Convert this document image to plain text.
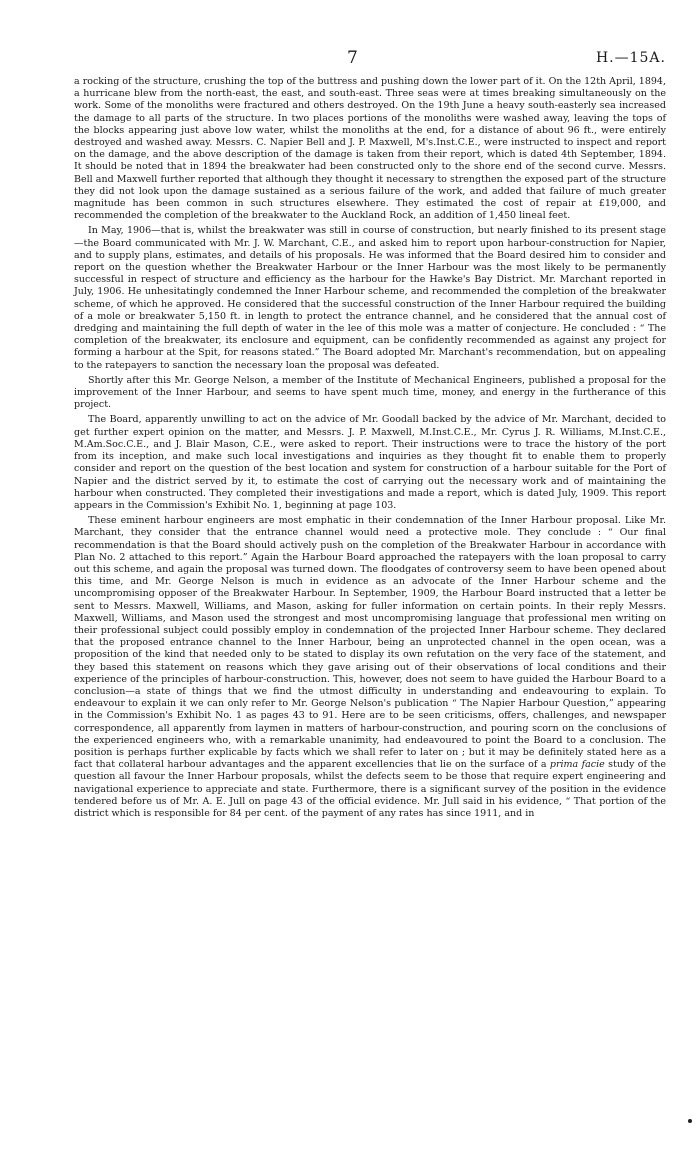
7	H.—15A.

a rocking of the structure, crushing the top of the buttress and pushing down the lower part of it. On the 12th April, 1894, a hurricane blew from the north-east, the east, and south-east. Three seas were at times breaking simultaneously on the work. Some of the monoliths were fractured and others destroyed. On the 19th June a heavy south-easterly sea increased the damage to all parts of the structure. In two places portions of the monoliths were washed away, leaving the tops of the blocks appearing just above low water, whilst the monoliths at the end, for a distance of about 96 ft., were entirely destroyed and washed away. Messrs. C. Napier Bell and J. P. Maxwell, M's.Inst.C.E., were instructed to inspect and report on the damage, and the above description of the damage is taken from their report, which is dated 4th September, 1894. It should be noted that in 1894 the breakwater had been constructed only to the shore end of the second curve. Messrs. Bell and Maxwell further reported that although they thought it necessary to strengthen the exposed part of the structure they did not look upon the damage sustained as a serious failure of the work, and added that failure of much greater magnitude has been common in such structures elsewhere. They estimated the cost of repair at £19,000, and recommended the completion of the breakwater to the Auckland Rock, an addition of 1,450 lineal feet.

In May, 1906—that is, whilst the breakwater was still in course of construction, but nearly finished to its present stage—the Board communicated with Mr. J. W. Marchant, C.E., and asked him to report upon harbour-construction for Napier, and to supply plans, estimates, and details of his proposals. He was informed that the Board desired him to consider and report on the question whether the Breakwater Harbour or the Inner Harbour was the most likely to be permanently successful in respect of structure and efficiency as the harbour for the Hawke's Bay District. Mr. Marchant reported in July, 1906. He unhesitatingly condemned the Inner Harbour scheme, and recommended the completion of the breakwater scheme, of which he approved. He considered that the successful construction of the Inner Harbour required the building of a mole or breakwater 5,150 ft. in length to protect the entrance channel, and he considered that the annual cost of dredging and maintaining the full depth of water in the lee of this mole was a matter of conjecture. He concluded : “ The completion of the breakwater, its enclosure and equipment, can be confidently recommended as against any project for forming a harbour at the Spit, for reasons stated.” The Board adopted Mr. Marchant's recommendation, but on appealing to the ratepayers to sanction the necessary loan the proposal was defeated.

Shortly after this Mr. George Nelson, a member of the Institute of Mechanical Engineers, published a proposal for the improvement of the Inner Harbour, and seems to have spent much time, money, and energy in the furtherance of this project.

The Board, apparently unwilling to act on the advice of Mr. Goodall backed by the advice of Mr. Marchant, decided to get further expert opinion on the matter, and Messrs. J. P. Maxwell, M.Inst.C.E., Mr. Cyrus J. R. Williams, M.Inst.C.E., M.Am.Soc.C.E., and J. Blair Mason, C.E., were asked to report. Their instructions were to trace the history of the port from its inception, and make such local investigations and inquiries as they thought fit to enable them to properly consider and report on the question of the best location and system for construction of a harbour suitable for the Port of Napier and the district served by it, to estimate the cost of carrying out the necessary work and of maintaining the harbour when constructed. They completed their investigations and made a report, which is dated July, 1909. This report appears in the Commission's Exhibit No. 1, beginning at page 103.

These eminent harbour engineers are most emphatic in their condemnation of the Inner Harbour proposal. Like Mr. Marchant, they consider that the entrance channel would need a protective mole. They conclude : “ Our final recommendation is that the Board should actively push on the completion of the Breakwater Harbour in accordance with Plan No. 2 attached to this report.” Again the Harbour Board approached the ratepayers with the loan proposal to carry out this scheme, and again the proposal was turned down. The floodgates of controversy seem to have been opened about this time, and Mr. George Nelson is much in evidence as an advocate of the Inner Harbour scheme and the uncompromising opposer of the Breakwater Harbour. In September, 1909, the Harbour Board instructed that a letter be sent to Messrs. Maxwell, Williams, and Mason, asking for fuller information on certain points. In their reply Messrs. Maxwell, Williams, and Mason used the strongest and most uncompromising language that professional men writing on their professional subject could possibly employ in condemnation of the projected Inner Harbour scheme. They declared that the proposed entrance channel to the Inner Harbour, being an unprotected channel in the open ocean, was a proposition of the kind that needed only to be stated to display its own refutation on the very face of the statement, and they based this statement on reasons which they gave arising out of their observations of local conditions and their experience of the principles of harbour-construction. This, however, does not seem to have guided the Harbour Board to a conclusion—a state of things that we find the utmost difficulty in understanding and endeavouring to explain. To endeavour to explain it we can only refer to Mr. George Nelson's publication “ The Napier Harbour Question,” appearing in the Commission's Exhibit No. 1 as pages 43 to 91. Here are to be seen criticisms, offers, challenges, and newspaper correspondence, all apparently from laymen in matters of harbour-construction, and pouring scorn on the conclusions of the experienced engineers who, with a remarkable unanimity, had endeavoured to point the Board to a conclusion. The position is perhaps further explicable by facts which we shall refer to later on ; but it may be definitely stated here as a fact that collateral harbour advantages and the apparent excellencies that lie on the surface of a prima facie study of the question all favour the Inner Harbour proposals, whilst the defects seem to be those that require expert engineering and navigational experience to appreciate and state. Furthermore, there is a significant survey of the position in the evidence tendered before us of Mr. A. E. Jull on page 43 of the official evidence. Mr. Jull said in his evidence, “ That portion of the district which is responsible for 84 per cent. of the payment of any rates has since 1911, and in
